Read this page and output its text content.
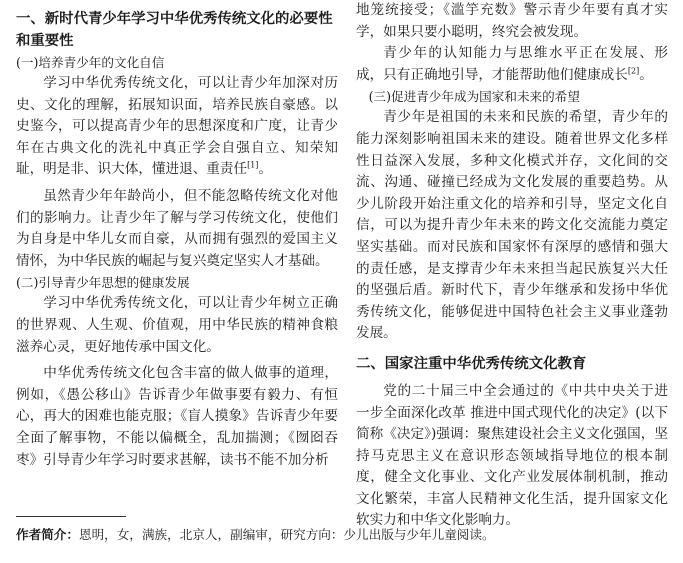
一、新时代青少年学习中华优秀传统文化的必要性和重要性

(一)培养青少年的文化自信

学习中华优秀传统文化，可以让青少年加深对历史、文化的理解，拓展知识面，培养民族自豪感。以史鉴今，可以提高青少年的思想深度和广度，让青少年在古典文化的洗礼中真正学会自强自立、知荣知耻，明是非、识大体，懂进退、重责任[1]。

虽然青少年年龄尚小，但不能忽略传统文化对他们的影响力。让青少年了解与学习传统文化，使他们为自身是中华儿女而自豪，从而拥有强烈的爱国主义情怀，为中华民族的崛起与复兴奠定坚实人才基础。

(二)引导青少年思想的健康发展

学习中华优秀传统文化，可以让青少年树立正确的世界观、人生观、价值观，用中华民族的精神食粮滋养心灵，更好地传承中国文化。

中华优秀传统文化包含丰富的做人做事的道理，例如，《愚公移山》告诉青少年做事要有毅力、有恒心，再大的困难也能克服；《盲人摸象》告诉青少年要全面了解事物，不能以偏概全，乱加揣测；《囫囵吞枣》引导青少年学习时要求甚解，读书不能不加分析

地笼统接受；《滥竽充数》警示青少年要有真才实学，如果只要小聪明，终究会被发现。

青少年的认知能力与思维水平正在发展、形成，只有正确地引导，才能帮助他们健康成长[2]。

(三)促进青少年成为国家和未来的希望

青少年是祖国的未来和民族的希望，青少年的能力深刻影响祖国未来的建设。随着世界文化多样性日益深入发展，多种文化模式并存，文化间的交流、沟通、碰撞已经成为文化发展的重要趋势。从少儿阶段开始注重文化的培养和引导，坚定文化自信，可以为提升青少年未来的跨文化交流能力奠定坚实基础。而对民族和国家怀有深厚的感情和强大的责任感，是支撑青少年未来担当起民族复兴大任的坚强后盾。新时代下，青少年继承和发扬中华优秀传统文化，能够促进中国特色社会主义事业蓬勃发展。

二、国家注重中华优秀传统文化教育

党的二十届三中全会通过的《中共中央关于进一步全面深化改革 推进中国式现代化的决定》(以下简称《决定》)强调：聚焦建设社会主义文化强国，坚持马克思主义在意识形态领域指导地位的根本制度，健全文化事业、文化产业发展体制机制，推动文化繁荣，丰富人民精神文化生活，提升国家文化软实力和中华文化影响力。

作者简介：恩明，女，满族，北京人，副编审，研究方向：少儿出版与少年儿童阅读。
